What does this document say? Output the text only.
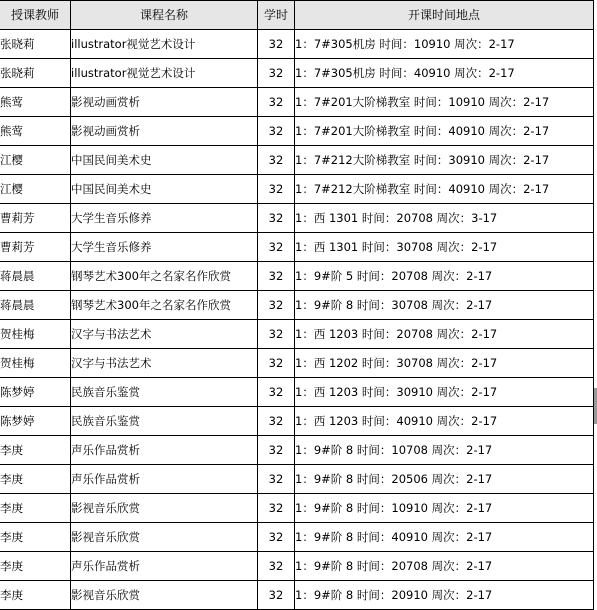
授课教师	课程名称	学时	开课时间地点
张晓莉	illustrator视觉艺术设计	32	1：7#305机房 时间：10910 周次：2-17
张晓莉	illustrator视觉艺术设计	32	1：7#305机房 时间：40910 周次：2-17
熊莺	影视动画赏析	32	1：7#201大阶梯教室 时间：10910 周次：2-17
熊莺	影视动画赏析	32	1：7#201大阶梯教室 时间：40910 周次：2-17
江樱	中国民间美术史	32	1：7#212大阶梯教室 时间：30910 周次：2-17
江樱	中国民间美术史	32	1：7#212大阶梯教室 时间：40910 周次：2-17
曹莉芳	大学生音乐修养	32	1：西 1301 时间：20708 周次：3-17
曹莉芳	大学生音乐修养	32	1：西 1301 时间：30708 周次：2-17
蒋晨晨	钢琴艺术300年之名家名作欣赏	32	1：9#阶 5 时间：20708 周次：2-17
蒋晨晨	钢琴艺术300年之名家名作欣赏	32	1：9#阶 8 时间：30708 周次：2-17
贺桂梅	汉字与书法艺术	32	1：西 1203 时间：20708 周次：2-17
贺桂梅	汉字与书法艺术	32	1：西 1202 时间：30708 周次：2-17
陈梦婷	民族音乐鉴赏	32	1：西 1203 时间：30910 周次：2-17
陈梦婷	民族音乐鉴赏	32	1：西 1203 时间：40910 周次：2-17
李庚	声乐作品赏析	32	1：9#阶 8 时间：10708 周次：2-17
李庚	声乐作品赏析	32	1：9#阶 8 时间：20506 周次：2-17
李庚	影视音乐欣赏	32	1：9#阶 8 时间：10910 周次：2-17
李庚	影视音乐欣赏	32	1：9#阶 8 时间：40910 周次：2-17
李庚	声乐作品赏析	32	1：9#阶 8 时间：20708 周次：2-17
李庚	影视音乐欣赏	32	1：9#阶 8 时间：20910 周次：2-17
